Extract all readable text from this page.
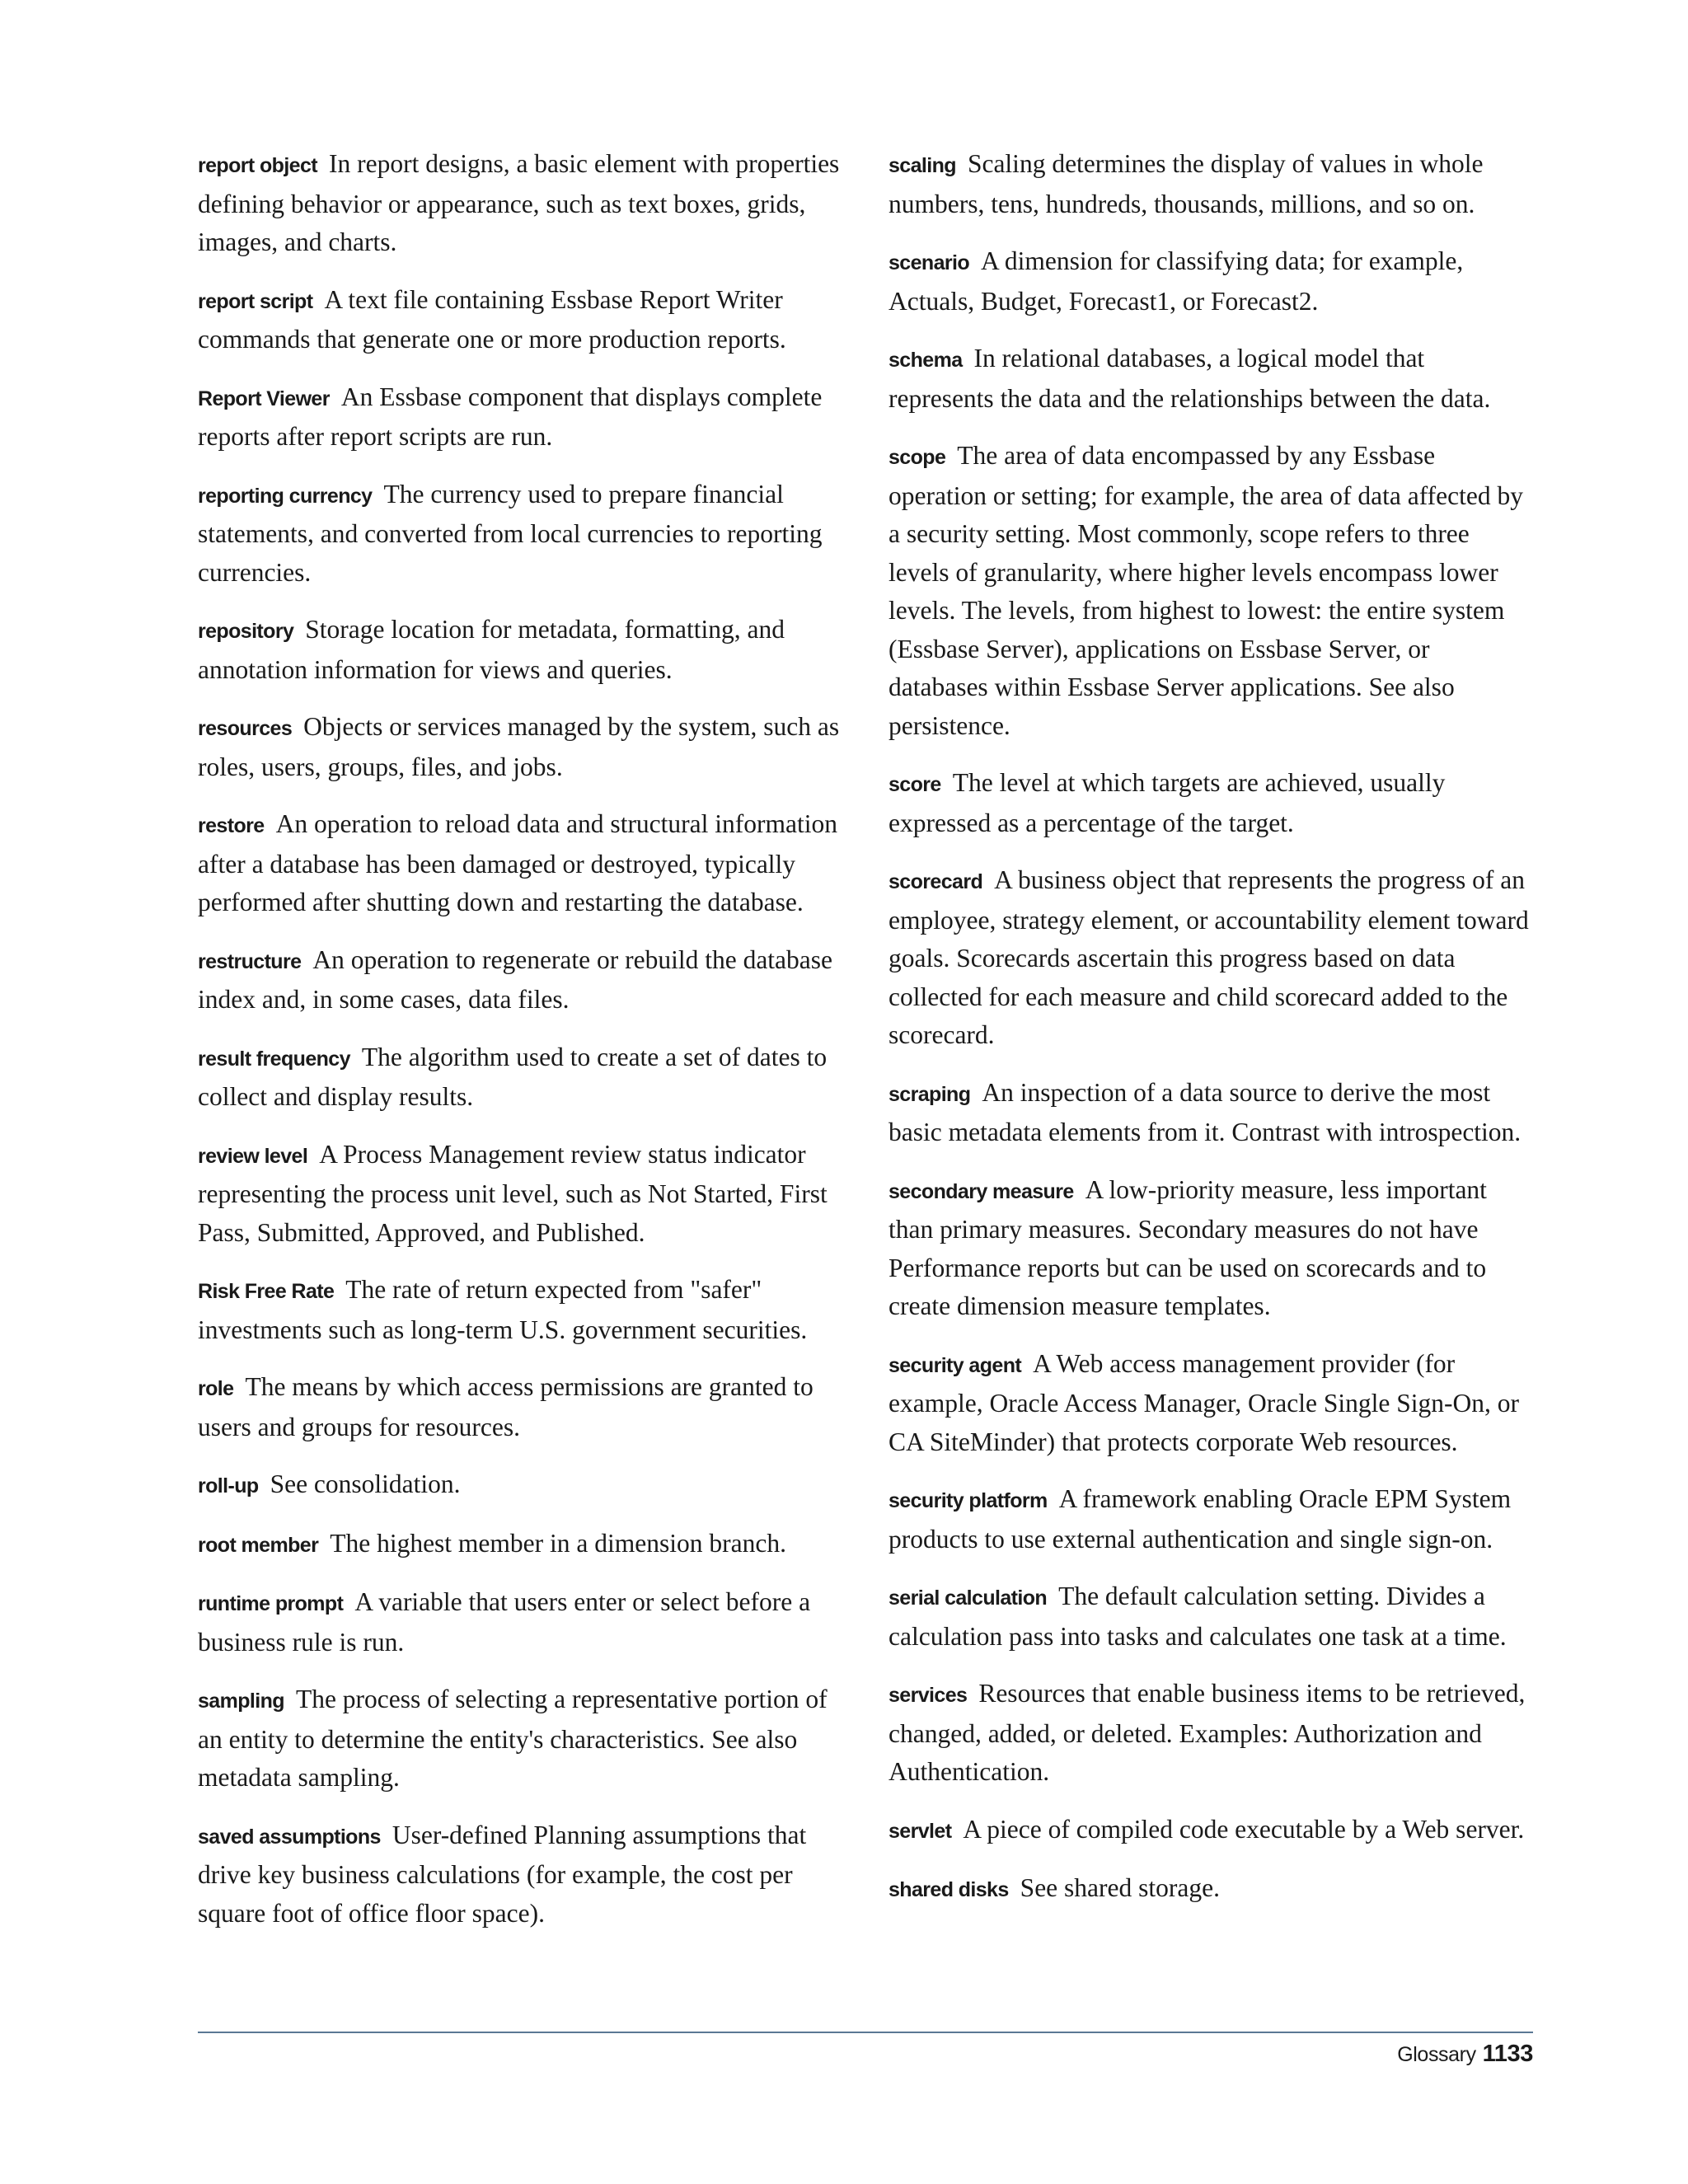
report object In report designs, a basic element with properties defining behavior or appearance, such as text boxes, grids, images, and charts.

report script A text file containing Essbase Report Writer commands that generate one or more production reports.

Report Viewer An Essbase component that displays complete reports after report scripts are run.

reporting currency The currency used to prepare financial statements, and converted from local currencies to reporting currencies.

repository Storage location for metadata, formatting, and annotation information for views and queries.

resources Objects or services managed by the system, such as roles, users, groups, files, and jobs.

restore An operation to reload data and structural information after a database has been damaged or destroyed, typically performed after shutting down and restarting the database.

restructure An operation to regenerate or rebuild the database index and, in some cases, data files.

result frequency The algorithm used to create a set of dates to collect and display results.

review level A Process Management review status indicator representing the process unit level, such as Not Started, First Pass, Submitted, Approved, and Published.

Risk Free Rate The rate of return expected from "safer" investments such as long-term U.S. government securities.

role The means by which access permissions are granted to users and groups for resources.

roll-up See consolidation.

root member The highest member in a dimension branch.

runtime prompt A variable that users enter or select before a business rule is run.

sampling The process of selecting a representative portion of an entity to determine the entity's characteristics. See also metadata sampling.

saved assumptions User-defined Planning assumptions that drive key business calculations (for example, the cost per square foot of office floor space).

scaling Scaling determines the display of values in whole numbers, tens, hundreds, thousands, millions, and so on.

scenario A dimension for classifying data; for example, Actuals, Budget, Forecast1, or Forecast2.

schema In relational databases, a logical model that represents the data and the relationships between the data.

scope The area of data encompassed by any Essbase operation or setting; for example, the area of data affected by a security setting. Most commonly, scope refers to three levels of granularity, where higher levels encompass lower levels. The levels, from highest to lowest: the entire system (Essbase Server), applications on Essbase Server, or databases within Essbase Server applications. See also persistence.

score The level at which targets are achieved, usually expressed as a percentage of the target.

scorecard A business object that represents the progress of an employee, strategy element, or accountability element toward goals. Scorecards ascertain this progress based on data collected for each measure and child scorecard added to the scorecard.

scraping An inspection of a data source to derive the most basic metadata elements from it. Contrast with introspection.

secondary measure A low-priority measure, less important than primary measures. Secondary measures do not have Performance reports but can be used on scorecards and to create dimension measure templates.

security agent A Web access management provider (for example, Oracle Access Manager, Oracle Single Sign-On, or CA SiteMinder) that protects corporate Web resources.

security platform A framework enabling Oracle EPM System products to use external authentication and single sign-on.

serial calculation The default calculation setting. Divides a calculation pass into tasks and calculates one task at a time.

services Resources that enable business items to be retrieved, changed, added, or deleted. Examples: Authorization and Authentication.

servlet A piece of compiled code executable by a Web server.

shared disks See shared storage.

Glossary 1133
